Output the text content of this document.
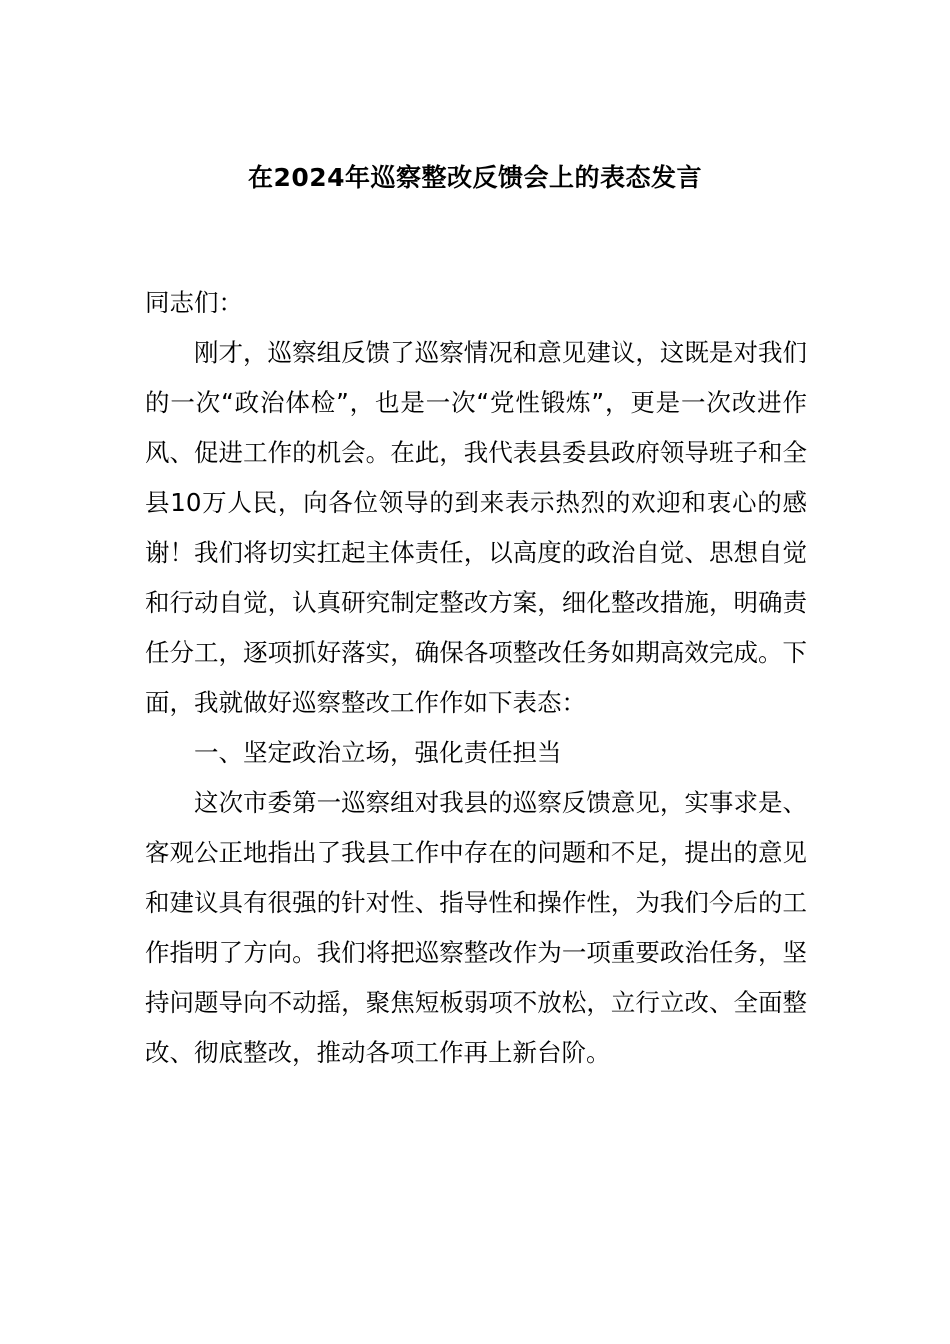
在2024年巡察整改反馈会上的表态发言

同志们：

刚才，巡察组反馈了巡察情况和意见建议，这既是对我们的一次“政治体检”，也是一次“党性锻炼”，更是一次改进作风、促进工作的机会。在此，我代表县委县政府领导班子和全县10万人民，向各位领导的到来表示热烈的欢迎和衷心的感谢！我们将切实扛起主体责任，以高度的政治自觉、思想自觉和行动自觉，认真研究制定整改方案，细化整改措施，明确责任分工，逐项抓好落实，确保各项整改任务如期高效完成。下面，我就做好巡察整改工作作如下表态：

一、坚定政治立场，强化责任担当

这次市委第一巡察组对我县的巡察反馈意见，实事求是、客观公正地指出了我县工作中存在的问题和不足，提出的意见和建议具有很强的针对性、指导性和操作性，为我们今后的工作指明了方向。我们将把巡察整改作为一项重要政治任务，坚持问题导向不动摇，聚焦短板弱项不放松，立行立改、全面整改、彻底整改，推动各项工作再上新台阶。
